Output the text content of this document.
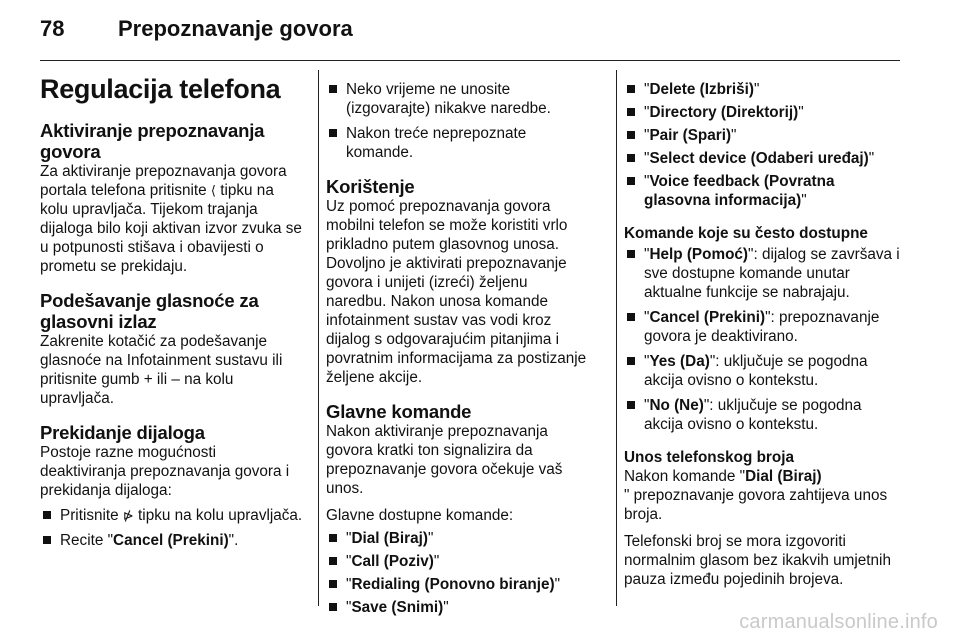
78 Prepoznavanje govora
Regulacija telefona
Aktiviranje prepoznavanja govora

Za aktiviranje prepoznavanja govora portala telefona pritisnite ⟨ tipku na kolu upravljača. Tijekom trajanja dijaloga bilo koji aktivan izvor zvuka se u potpunosti stišava i obavijesti o prometu se prekidaju.

Podešavanje glasnoće za glasovni izlaz

Zakrenite kotačić za podešavanje glasnoće na Infotainment sustavu ili pritisnite gumb + ili – na kolu upravljača.

Prekidanje dijaloga

Postoje razne mogućnosti deaktiviranja prepoznavanja govora i prekidanja dijaloga:

Pritisnite ⋫ tipku na kolu upravljača.
Recite "Cancel (Prekini)".
Neko vrijeme ne unosite (izgovarajte) nikakve naredbe.
Nakon treće neprepoznate komande.
Korištenje

Uz pomoć prepoznavanja govora mobilni telefon se može koristiti vrlo prikladno putem glasovnog unosa. Dovoljno je aktivirati prepoznavanje govora i unijeti (izreći) željenu naredbu. Nakon unosa komande infotainment sustav vas vodi kroz dijalog s odgovarajućim pitanjima i povratnim informacijama za postizanje željene akcije.

Glavne komande

Nakon aktiviranje prepoznavanja govora kratki ton signalizira da prepoznavanje govora očekuje vaš unos.

Glavne dostupne komande:

"Dial (Biraj)"
"Call (Poziv)"
"Redialing (Ponovno biranje)"
"Save (Snimi)"
"Delete (Izbriši)"
"Directory (Direktorij)"
"Pair (Spari)"
"Select device (Odaberi uređaj)"
"Voice feedback (Povratna glasovna informacija)"
Komande koje su često dostupne
"Help (Pomoć)": dijalog se završava i sve dostupne komande unutar aktualne funkcije se nabrajaju.
"Cancel (Prekini)": prepoznavanje govora je deaktivirano.
"Yes (Da)": uključuje se pogodna akcija ovisno o kontekstu.
"No (Ne)": uključuje se pogodna akcija ovisno o kontekstu.
Unos telefonskog broja

Nakon komande "Dial (Biraj)
" prepoznavanje govora zahtijeva unos broja.

Telefonski broj se mora izgovoriti normalnim glasom bez ikakvih umjetnih pauza između pojedinih brojeva.

carmanualsonline.info
